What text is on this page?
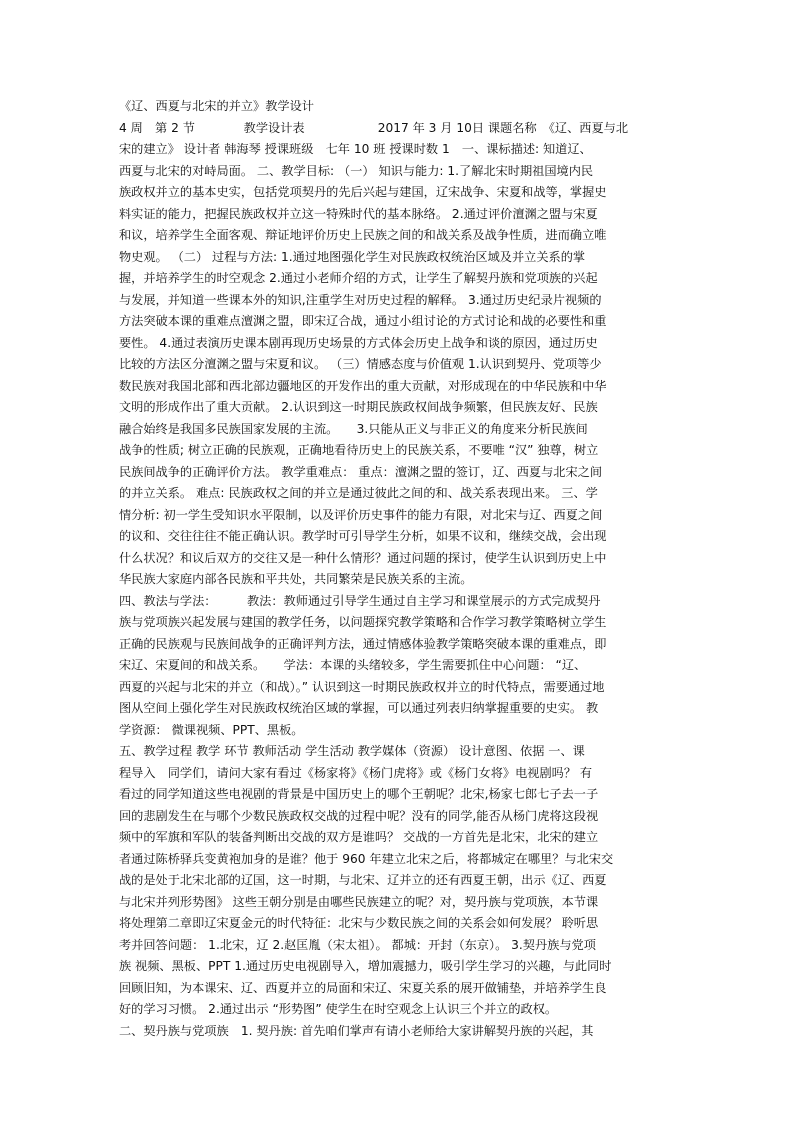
《辽、西夏与北宋的并立》教学设计
4 周　第 2 节　　　　教学设计表　　　　　　2017 年 3 月 10日 课题名称　《辽、西夏与北
宋的建立》 设计者 韩海琴 授课班级　七年 10 班 授课时数 1　一、课标描述: 知道辽、
西夏与北宋的对峙局面。 二、教学目标: （一） 知识与能力: 1.了解北宋时期祖国境内民
族政权并立的基本史实，包括党项契丹的先后兴起与建国，辽宋战争、宋夏和战等，掌握史
料实证的能力，把握民族政权并立这一特殊时代的基本脉络。 2.通过评价澶渊之盟与宋夏
和议，培养学生全面客观、辩证地评价历史上民族之间的和战关系及战争性质，进而确立唯
物史观。 （二） 过程与方法: 1.通过地图强化学生对民族政权统治区域及并立关系的掌
握，并培养学生的时空观念 2.通过小老师介绍的方式，让学生了解契丹族和党项族的兴起
与发展，并知道一些课本外的知识,注重学生对历史过程的解释。 3.通过历史纪录片视频的
方法突破本课的重难点澶渊之盟，即宋辽合战，通过小组讨论的方式讨论和战的必要性和重
要性。 4.通过表演历史课本剧再现历史场景的方式体会历史上战争和谈的原因，通过历史
比较的方法区分澶渊之盟与宋夏和议。 （三）情感态度与价值观 1.认识到契丹、党项等少
数民族对我国北部和西北部边疆地区的开发作出的重大贡献，对形成现在的中华民族和中华
文明的形成作出了重大贡献。 2.认识到这一时期民族政权间战争频繁，但民族友好、民族
融合始终是我国多民族国家发展的主流。　　3.只能从正义与非正义的角度来分析民族间
战争的性质; 树立正确的民族观，正确地看待历史上的民族关系，不要唯 “汉” 独尊，树立
民族间战争的正确评价方法。 教学重难点： 重点：澶渊之盟的签订，辽、西夏与北宋之间
的并立关系。 难点: 民族政权之间的并立是通过彼此之间的和、战关系表现出来。 三、学
情分析: 初一学生受知识水平限制，以及评价历史事件的能力有限，对北宋与辽、西夏之间
的议和、交往往往不能正确认识。教学时可引导学生分析，如果不议和，继续交战，会出现
什么状况？和议后双方的交往又是一种什么情形？通过问题的探讨，使学生认识到历史上中
华民族大家庭内部各民族和平共处，共同繁荣是民族关系的主流。
四、教法与学法：　　　教法：教师通过引导学生通过自主学习和课堂展示的方式完成契丹
族与党项族兴起发展与建国的教学任务，以问题探究教学策略和合作学习教学策略树立学生
正确的民族观与民族间战争的正确评判方法，通过情感体验教学策略突破本课的重难点，即
宋辽、宋夏间的和战关系。　　学法：本课的头绪较多，学生需要抓住中心问题： “辽、
西夏的兴起与北宋的并立（和战）。” 认识到这一时期民族政权并立的时代特点，需要通过地
图从空间上强化学生对民族政权统治区域的掌握，可以通过列表归纳掌握重要的史实。 教
学资源： 微课视频、PPT、黑板。
五、教学过程 教学 环节 教师活动 学生活动 教学媒体（资源） 设计意图、依据 一、课
程导入　同学们，请问大家有看过《杨家将》《杨门虎将》或《杨门女将》电视剧吗？ 有
看过的同学知道这些电视剧的背景是中国历史上的哪个王朝呢？北宋,杨家七郎七子去一子
回的悲剧发生在与哪个少数民族政权交战的过程中呢？没有的同学,能否从杨门虎将这段视
频中的军旗和军队的装备判断出交战的双方是谁吗？ 交战的一方首先是北宋，北宋的建立
者通过陈桥驿兵变黄袍加身的是谁？他于 960 年建立北宋之后，将都城定在哪里？与北宋交
战的是处于北宋北部的辽国，这一时期，与北宋、辽并立的还有西夏王朝，出示《辽、西夏
与北宋并列形势图》 这些王朝分别是由哪些民族建立的呢？对，契丹族与党项族，本节课
将处理第二章即辽宋夏金元的时代特征：北宋与少数民族之间的关系会如何发展？ 聆听思
考并回答问题： 1.北宋，辽 2.赵匡胤（宋太祖）。 都城：开封（东京）。 3.契丹族与党项
族 视频、黑板、PPT 1.通过历史电视剧导入，增加震撼力，吸引学生学习的兴趣，与此同时
回顾旧知，为本课宋、辽、西夏并立的局面和宋辽、宋夏关系的展开做铺垫，并培养学生良
好的学习习惯。 2.通过出示 “形势图” 使学生在时空观念上认识三个并立的政权。
二、契丹族与党项族　1. 契丹族: 首先咱们掌声有请小老师给大家讲解契丹族的兴起，其
